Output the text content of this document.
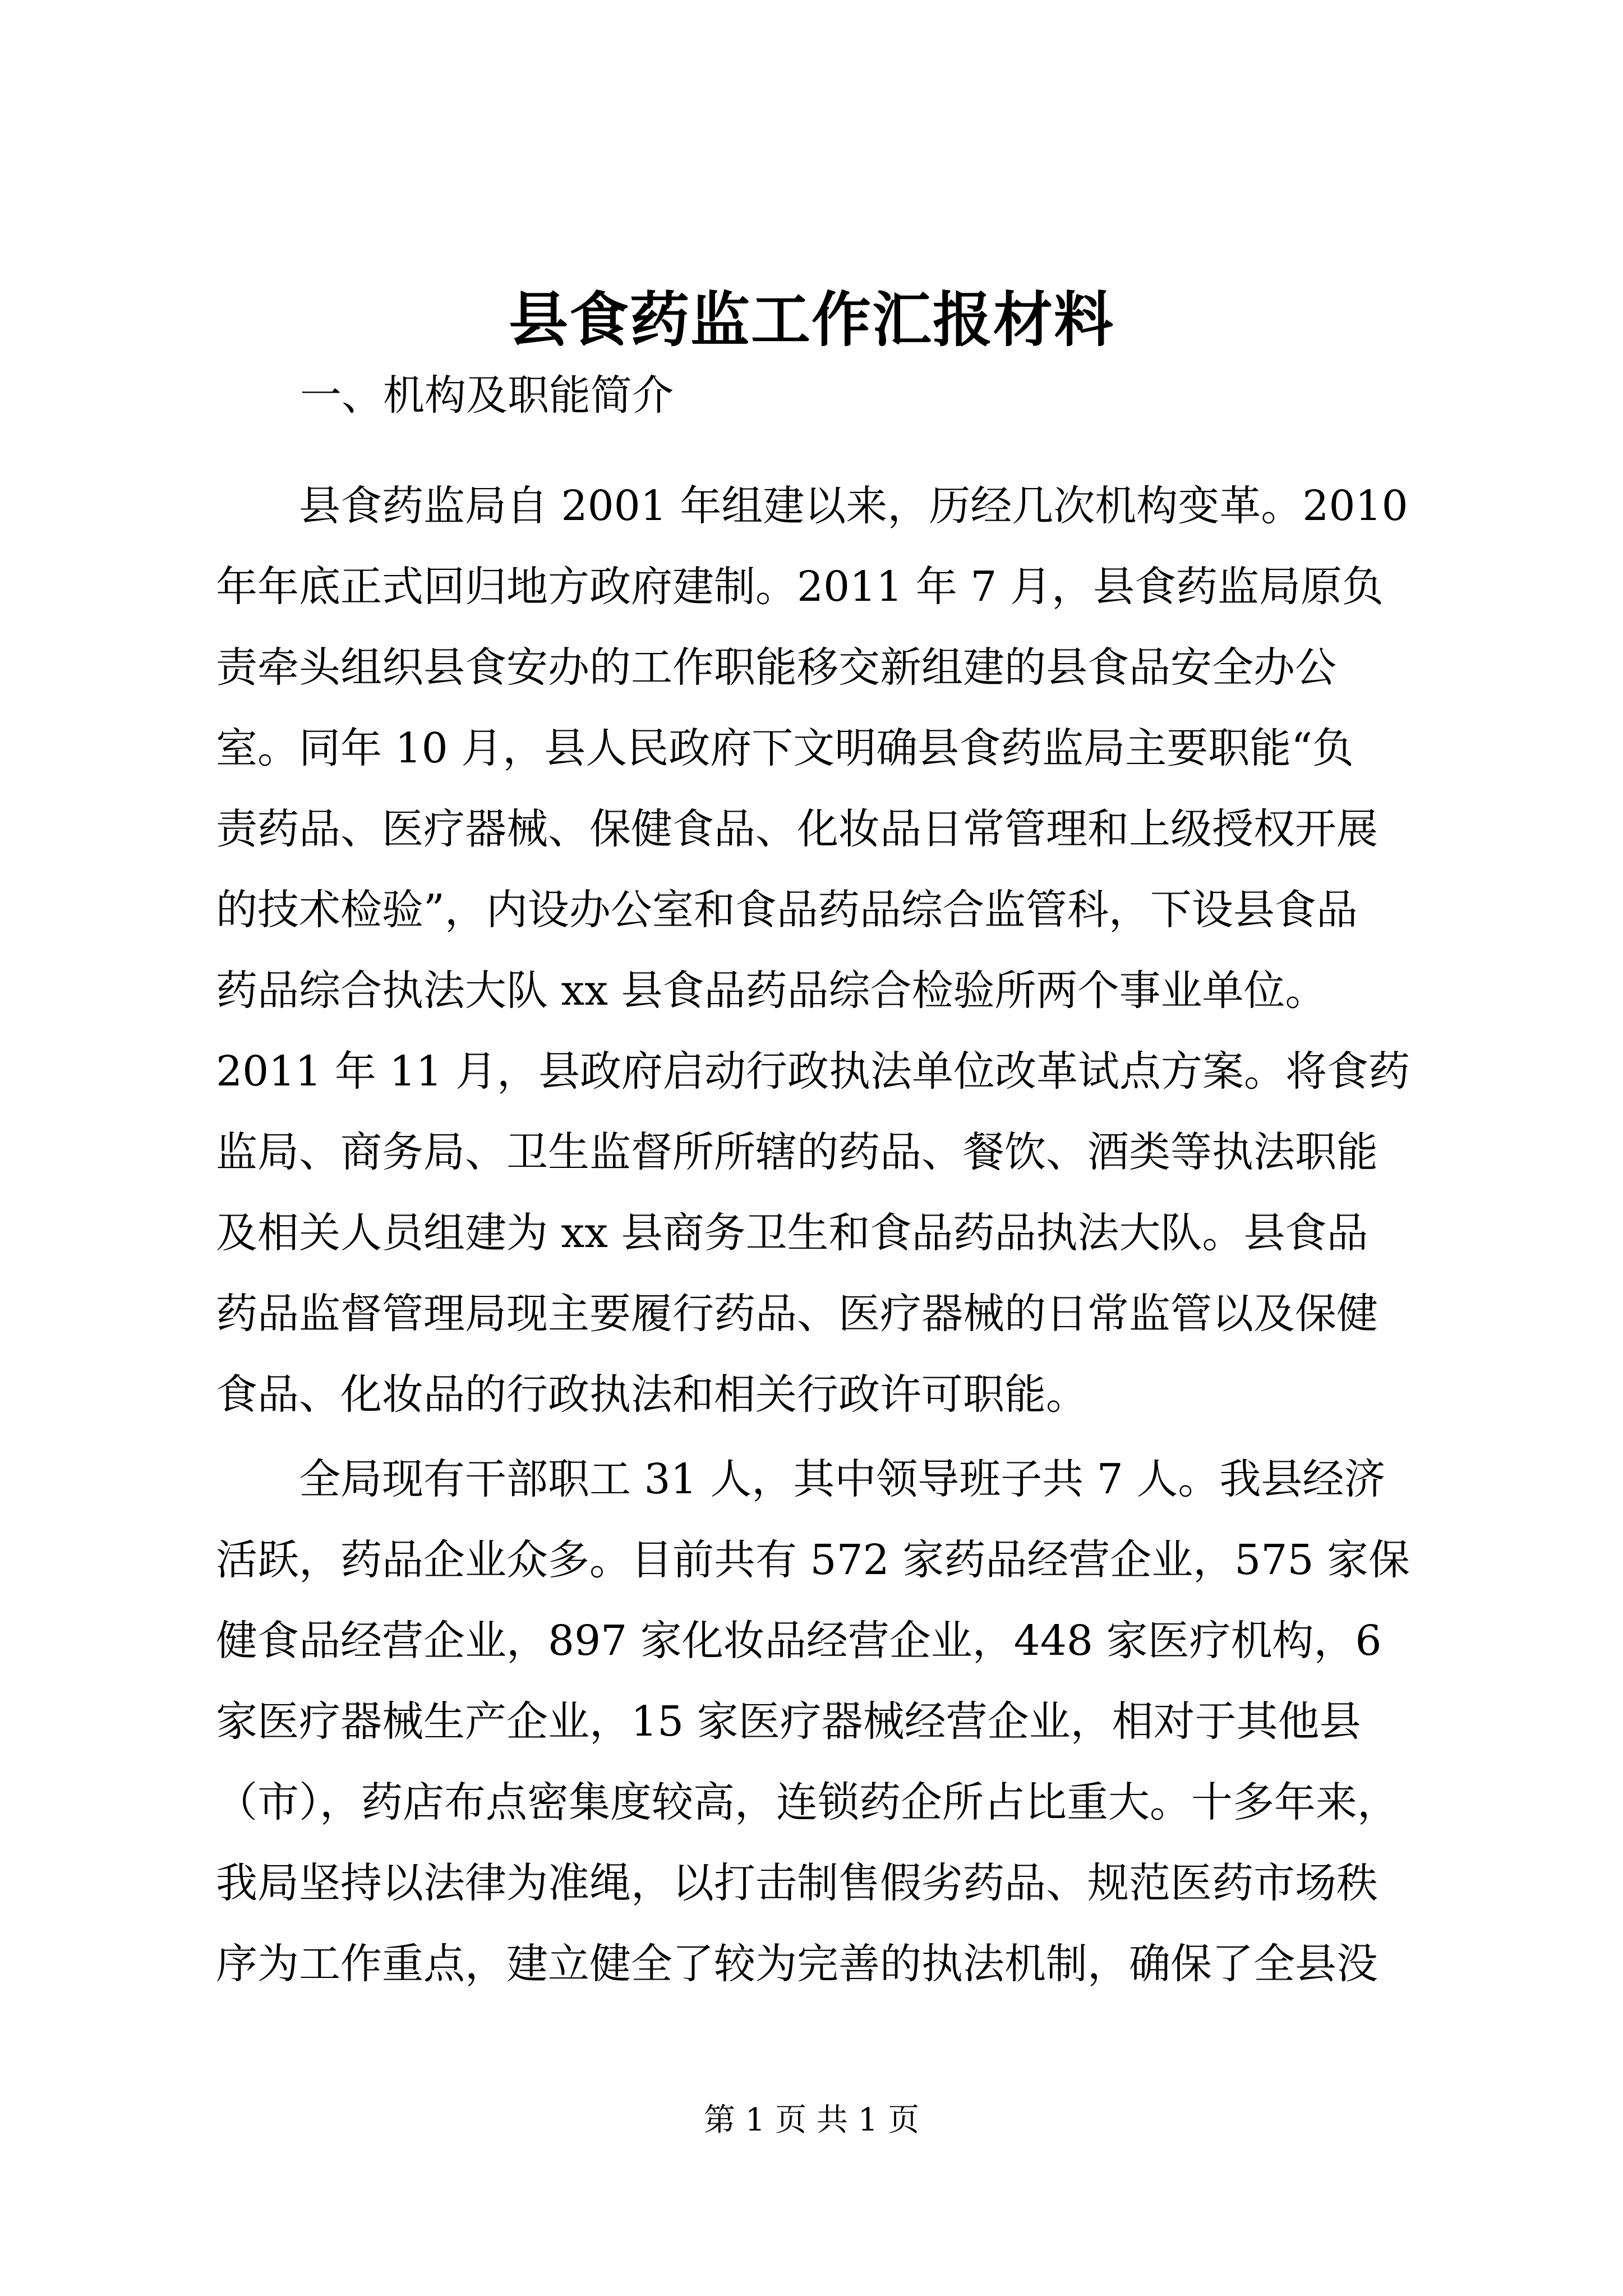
县食药监工作汇报材料
一、机构及职能简介
　　县食药监局自 2001 年组建以来，历经几次机构变革。2010
年年底正式回归地方政府建制。2011 年 7 月，县食药监局原负
责牵头组织县食安办的工作职能移交新组建的县食品安全办公
室。同年 10 月，县人民政府下文明确县食药监局主要职能“负
责药品、医疗器械、保健食品、化妆品日常管理和上级授权开展
的技术检验”，内设办公室和食品药品综合监管科，下设县食品
药品综合执法大队 xx 县食品药品综合检验所两个事业单位。
2011 年 11 月，县政府启动行政执法单位改革试点方案。将食药
监局、商务局、卫生监督所所辖的药品、餐饮、酒类等执法职能
及相关人员组建为 xx 县商务卫生和食品药品执法大队。县食品
药品监督管理局现主要履行药品、医疗器械的日常监管以及保健
食品、化妆品的行政执法和相关行政许可职能。
　　全局现有干部职工 31 人，其中领导班子共 7 人。我县经济
活跃，药品企业众多。目前共有 572 家药品经营企业，575 家保
健食品经营企业，897 家化妆品经营企业，448 家医疗机构，6
家医疗器械生产企业，15 家医疗器械经营企业，相对于其他县
（市），药店布点密集度较高，连锁药企所占比重大。十多年来，
我局坚持以法律为准绳，以打击制售假劣药品、规范医药市场秩
序为工作重点，建立健全了较为完善的执法机制，确保了全县没
第 1 页 共 1 页
